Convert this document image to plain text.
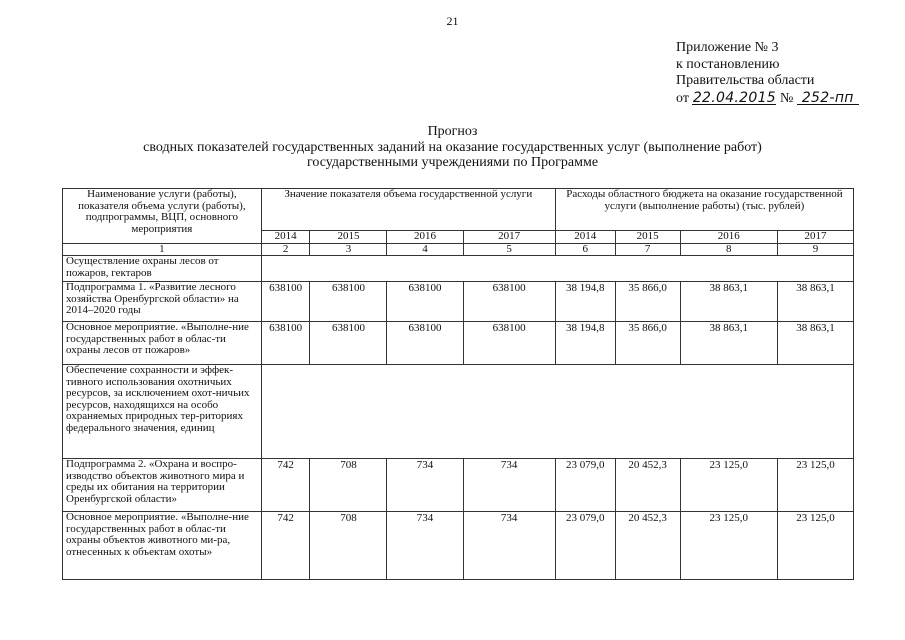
21
Приложение № 3
к постановлению
Правительства области
от 22.04.2015 № 252-пп
Прогноз
сводных показателей государственных заданий на оказание государственных услуг (выполнение работ)
государственными учреждениями по Программе
Наименование услуги (работы), показателя объема услуги (работы), подпрограммы, ВЦП, основного мероприятия	Значение показателя объема государственной услуги				Расходы областного бюджета на оказание государственной услуги (выполнение работы) (тыс. рублей)			
	2014	2015	2016	2017	2014	2015	2016	2017
1	2	3	4	5	6	7	8	9
Осуществление охраны лесов от пожаров, гектаров								
Подпрограмма 1. «Развитие лесного хозяйства Оренбургской области» на 2014–2020 годы	638100	638100	638100	638100	38 194,8	35 866,0	38 863,1	38 863,1
Основное мероприятие. «Выполне-ние государственных работ в облас-ти охраны лесов от пожаров»	638100	638100	638100	638100	38 194,8	35 866,0	38 863,1	38 863,1
Обеспечение сохранности и эффек-тивного использования охотничьих ресурсов, за исключением охот-ничьих ресурсов, находящихся на особо охраняемых природных тер-риториях федерального значения, единиц								
Подпрограмма 2. «Охрана и воспро-изводство объектов животного мира и среды их обитания на территории Оренбургской области»	742	708	734	734	23 079,0	20 452,3	23 125,0	23 125,0
Основное мероприятие. «Выполне-ние государственных работ в облас-ти охраны объектов животного ми-ра, отнесенных к объектам охоты»	742	708	734	734	23 079,0	20 452,3	23 125,0	23 125,0
